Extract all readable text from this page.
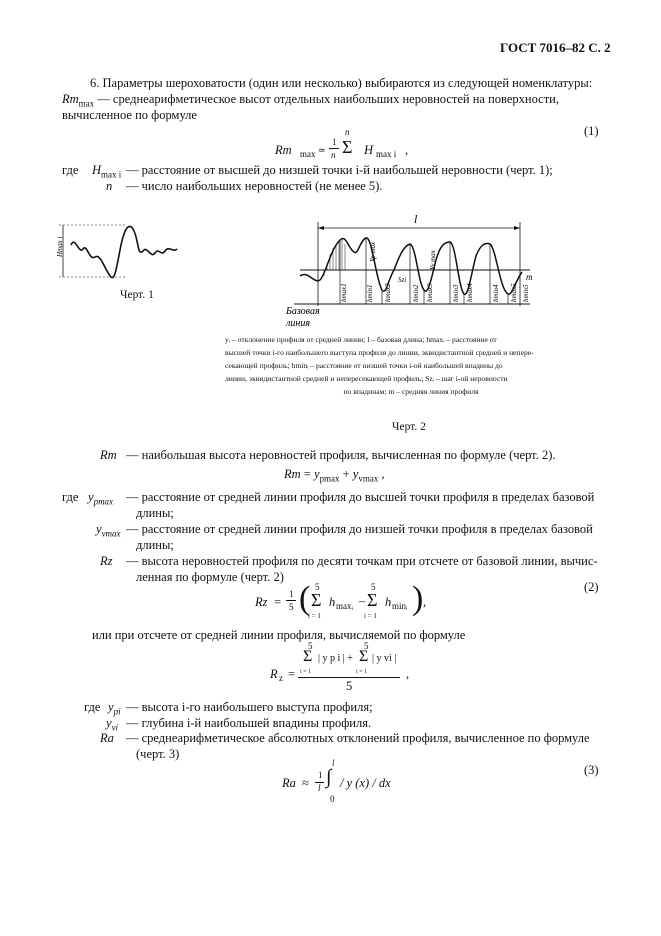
ГОСТ 7016–82 С. 2
6. Параметры шероховатости (один или несколько) выбираются из следующей номенклатуры:
$Rm_{max}$ — среднеарифметическое высот отдельных наибольших неровностей на поверхности,
вычисленное по формуле
Rm max ≃
1
n
n
Σ H max i ,
(1)
где $H_{max i}$ — расстояние от высшей до низшей точки i-й наибольшей неровности (черт. 1);
n — число наибольших неровностей (не менее 5).
Hmax i
Черт. 1
l
m
Yp max	Yv max
Szi
hmax1	hmin1 hmax2	hmin2 hmax3	hmin3 hmax4	hmin4 hmax5 hmin5
Базовая
линия
yᵢ – отклонение профиля от средней линии; l – базовая длина; hmaxᵢ – расстояние от
высшей точки i-го наибольшего выступа профиля до линии, эквидистантной средней и непере-
секающей профиль; hminᵢ – расстояние от низшей точки i-ой наибольшей впадины до
линии, эквидистантной средней и непересекающей профиль; Szᵢ – шаг i-ой неровности
по впадинам; m – средняя линия профиля
Черт. 2
Rm — наибольшая высота неровностей профиля, вычисленная по формуле (черт. 2).
$Rm = y_{pmax} + y_{vmax}$ ,
где $y_{pmax}$ — расстояние от средней линии профиля до высшей точки профиля в пределах базовой
длины;
$y_{vmax}$ — расстояние от средней линии профиля до низшей точки профиля в пределах базовой
длины;
Rz — высота неровностей профиля по десяти точкам при отсчете от базовой линии, вычис-
ленная по формуле (черт. 2)
Rz =
1
5 ( 5
Σ
i = 1
h maxᵢ –
5
Σ
i = 1
h minᵢ ) ,
(2)
или при отсчете от средней линии профиля, вычисляемой по формуле
R z =
5
Σ
i = 1
| y p i | +
5
Σ
i = 1
| y vi |
5
,
где $y_{pi}$ — высота i-го наибольшего выступа профиля;
$y_{vi}$ — глубина i-й наибольшей впадины профиля.
Ra — среднеарифметическое абсолютных отклонений профиля, вычисленное по формуле
(черт. 3)
Ra ≈
1
l
l
∫
0
/ y (x) / dx
(3)
